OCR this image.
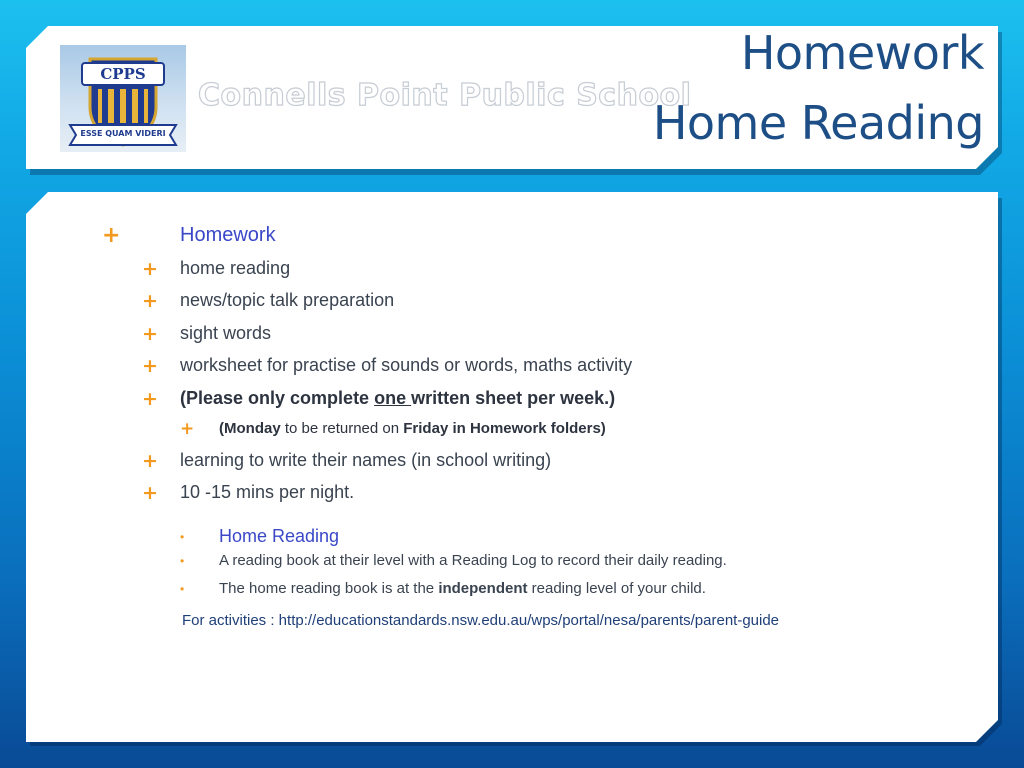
CPPS
ESSE QUAM VIDERI
Connells Point Public School
Homework
Home Reading
+	Homework
+ home reading
+ news/topic talk preparation
+ sight words
+ worksheet for practise of sounds or words, maths activity
+ (Please only complete one written sheet per week.)
+ (Monday to be returned on Friday in Homework folders)
+ learning to write their names (in school writing)
+ 10 -15 mins per night.
• Home Reading
• A reading book at their level with a Reading Log to record their daily reading.
• The home reading book is at the independent reading level of your child.
For activities : http://educationstandards.nsw.edu.au/wps/portal/nesa/parents/parent-guide
